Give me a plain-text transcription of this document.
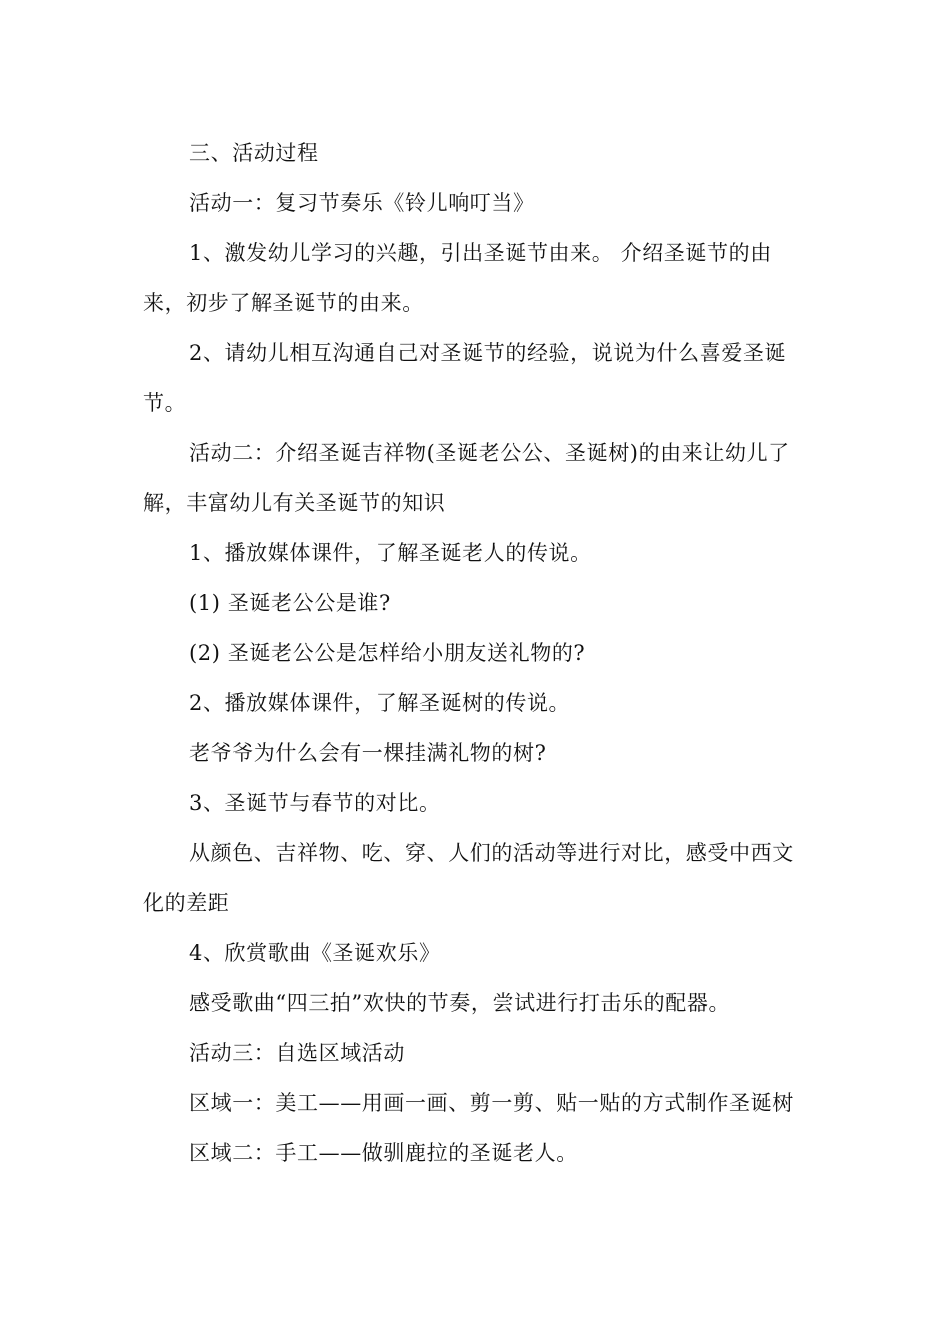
三、活动过程

活动一：复习节奏乐《铃儿响叮当》

1、激发幼儿学习的兴趣，引出圣诞节由来。 介绍圣诞节的由来，初步了解圣诞节的由来。

2、请幼儿相互沟通自己对圣诞节的经验，说说为什么喜爱圣诞节。

活动二：介绍圣诞吉祥物(圣诞老公公、圣诞树)的由来让幼儿了解，丰富幼儿有关圣诞节的知识

1、播放媒体课件，了解圣诞老人的传说。

(1) 圣诞老公公是谁?

(2) 圣诞老公公是怎样给小朋友送礼物的?

2、播放媒体课件，了解圣诞树的传说。

老爷爷为什么会有一棵挂满礼物的树?

3、圣诞节与春节的对比。

从颜色、吉祥物、吃、穿、人们的活动等进行对比，感受中西文化的差距

4、欣赏歌曲《圣诞欢乐》

感受歌曲“四三拍”欢快的节奏，尝试进行打击乐的配器。

活动三：自选区域活动

区域一：美工——用画一画、剪一剪、贴一贴的方式制作圣诞树

区域二：手工——做驯鹿拉的圣诞老人。
